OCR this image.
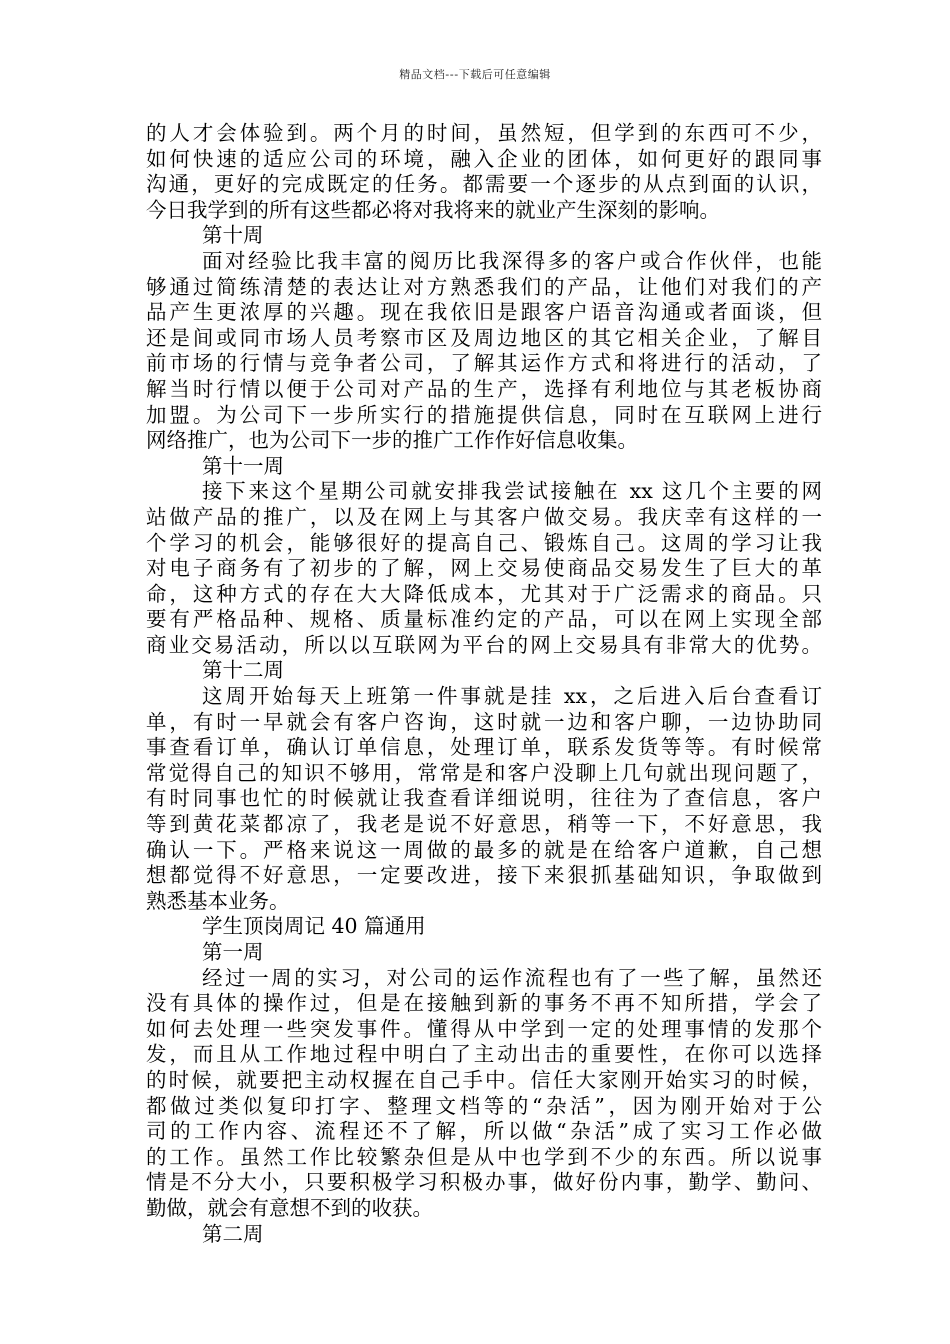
精品文档---下载后可任意编辑
的人才会体验到。两个月的时间，虽然短，但学到的东西可不少，
如何快速的适应公司的环境，融入企业的团体，如何更好的跟同事
沟通，更好的完成既定的任务。都需要一个逐步的从点到面的认识，
今日我学到的所有这些都必将对我将来的就业产生深刻的影响。
第十周
面对经验比我丰富的阅历比我深得多的客户或合作伙伴，也能
够通过简练清楚的表达让对方熟悉我们的产品，让他们对我们的产
品产生更浓厚的兴趣。现在我依旧是跟客户语音沟通或者面谈，但
还是间或同市场人员考察市区及周边地区的其它相关企业，了解目
前市场的行情与竞争者公司，了解其运作方式和将进行的活动，了
解当时行情以便于公司对产品的生产，选择有利地位与其老板协商
加盟。为公司下一步所实行的措施提供信息，同时在互联网上进行
网络推广，也为公司下一步的推广工作作好信息收集。
第十一周
接下来这个星期公司就安排我尝试接触在 xx 这几个主要的网
站做产品的推广，以及在网上与其客户做交易。我庆幸有这样的一
个学习的机会，能够很好的提高自己、锻炼自己。这周的学习让我
对电子商务有了初步的了解，网上交易使商品交易发生了巨大的革
命，这种方式的存在大大降低成本，尤其对于广泛需求的商品。只
要有严格品种、规格、质量标准约定的产品，可以在网上实现全部
商业交易活动，所以以互联网为平台的网上交易具有非常大的优势。
第十二周
这周开始每天上班第一件事就是挂 xx，之后进入后台查看订
单，有时一早就会有客户咨询，这时就一边和客户聊，一边协助同
事查看订单，确认订单信息，处理订单，联系发货等等。有时候常
常觉得自己的知识不够用，常常是和客户没聊上几句就出现问题了，
有时同事也忙的时候就让我查看详细说明，往往为了查信息，客户
等到黄花菜都凉了，我老是说不好意思，稍等一下，不好意思，我
确认一下。严格来说这一周做的最多的就是在给客户道歉，自己想
想都觉得不好意思，一定要改进，接下来狠抓基础知识，争取做到
熟悉基本业务。
学生顶岗周记 40 篇通用
第一周
经过一周的实习，对公司的运作流程也有了一些了解，虽然还
没有具体的操作过，但是在接触到新的事务不再不知所措，学会了
如何去处理一些突发事件。懂得从中学到一定的处理事情的发那个
发，而且从工作地过程中明白了主动出击的重要性，在你可以选择
的时候，就要把主动权握在自己手中。信任大家刚开始实习的时候，
都做过类似复印打字、整理文档等的“杂活”，因为刚开始对于公
司的工作内容、流程还不了解，所以做“杂活”成了实习工作必做
的工作。虽然工作比较繁杂但是从中也学到不少的东西。所以说事
情是不分大小，只要积极学习积极办事，做好份内事，勤学、勤问、
勤做，就会有意想不到的收获。
第二周
